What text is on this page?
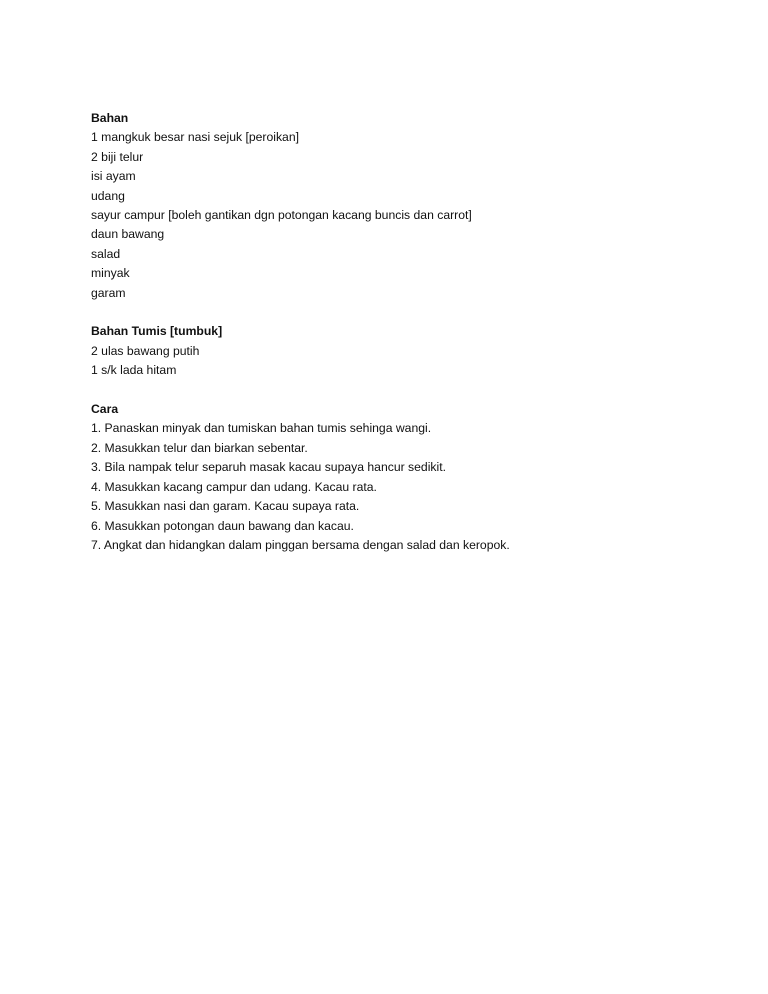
Bahan

1 mangkuk besar nasi sejuk [peroikan]
2 biji telur
isi ayam
udang
sayur campur [boleh gantikan dgn potongan kacang buncis dan carrot]
daun bawang
salad
minyak
garam

Bahan Tumis [tumbuk]

2 ulas bawang putih
1 s/k lada hitam

Cara

1. Panaskan minyak dan tumiskan bahan tumis sehinga wangi.
2. Masukkan telur dan biarkan sebentar.
3. Bila nampak telur separuh masak kacau supaya hancur sedikit.
4. Masukkan kacang campur dan udang. Kacau rata.
5. Masukkan nasi dan garam. Kacau supaya rata.
6. Masukkan potongan daun bawang dan kacau.
7. Angkat dan hidangkan dalam pinggan bersama dengan salad dan keropok.
